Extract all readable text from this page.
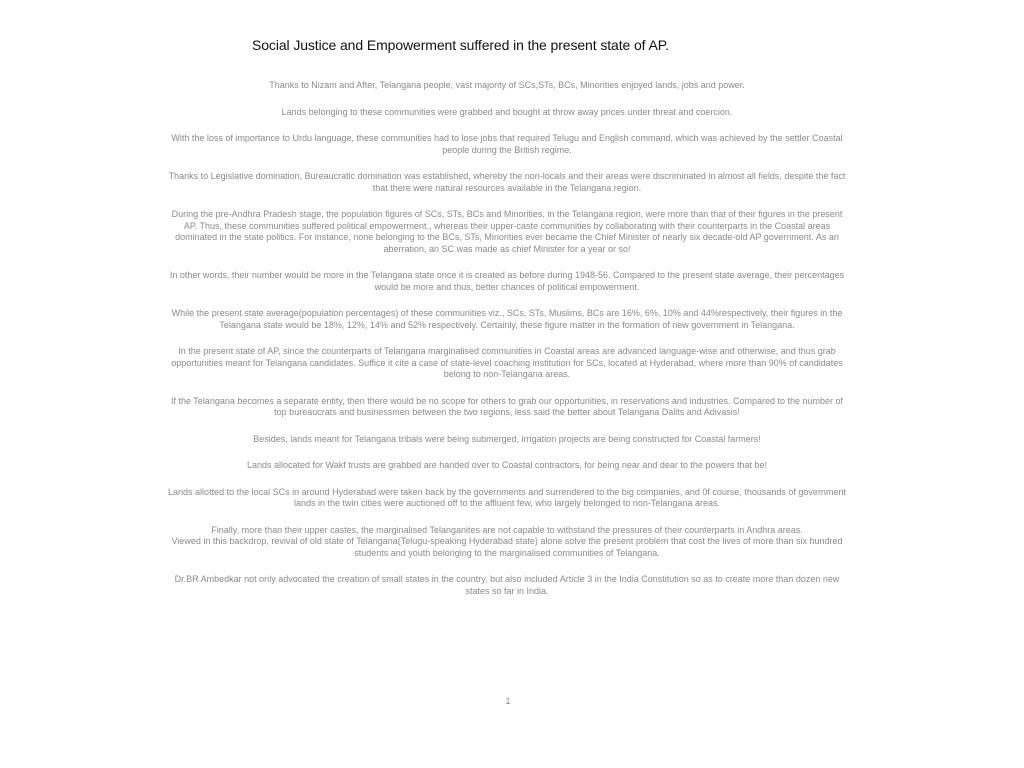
Social Justice and Empowerment suffered in the present state of AP.

Thanks to Nizam and After, Telangana people, vast majority of SCs,STs, BCs, Minorities enjoyed lands, jobs and power.

Lands belonging to these communities were grabbed and bought at throw away prices under threat and coercion.

With the loss of importance to Urdu language, these communities had to lose jobs that required Telugu and English command, which was achieved by the settler Coastal people during the British regime.

Thanks to Legislative domination, Bureaucratic domination was established, whereby the non-locals and their areas were discriminated in almost all fields, despite the fact that there were natural resources available in the Telangana region.

During the pre-Andhra Pradesh stage, the population figures of SCs, STs, BCs and Minorities, in the Telangana region, were more than that of their figures in the present AP. Thus, these communities suffered political empowerment., whereas their upper-caste communities by collaborating with their counterparts in the Coastal areas dominated in the state politics. For instance, none belonging to the BCs, STs, Minorities ever became the Chief Minister of nearly six decade-old AP government. As an aberration, an SC was made as chief Minister for a year or so!

In other words, their number would be more in the Telangana state once it is created as before during 1948-56. Compared to the present state average, their percentages would be more and thus, better chances of political empowerment.

While the present state average(population percentages) of these communities viz., SCs, STs, Muslims, BCs are 16%, 6%, 10% and 44%respectively, their figures in the Telangana state would be 18%, 12%, 14% and 52% respectively. Certainly, these figure matter in the formation of new government in Telangana.

In the present state of AP, since the counterparts of Telangana marginalised communities in Coastal areas are advanced language-wise and otherwise, and thus grab opportunities meant for Telangana candidates. Suffice it cite a case of state-level coaching institution for SCs, located at Hyderabad, where more than 90% of candidates belong to non-Telangana areas.

If the Telangana becomes a separate entity, then there would be no scope for others to grab our opportunities, in reservations and industries. Compared to the number of top bureaucrats and businessmen between the two regions, less said the better about Telangana Dalits and Adivasis!

Besides, lands meant for Telangana tribals were being submerged, irrigation projects are being constructed for Coastal farmers!

Lands allocated for Wakf trusts are grabbed are handed over to Coastal contractors, for being near and dear to the powers that be!

Lands allotted to the local SCs in around Hyderabad were taken back by the governments and surrendered to the big companies, and 0f course, thousands of government lands in the twin cities were auctioned off to the affluent few, who largely belonged to non-Telangana areas.

Finally, more than their upper castes, the marginalised Telanganites are not capable to withstand the pressures of their counterparts in Andhra areas.

Viewed in this backdrop, revival of old state of Telangana(Telugu-speaking Hyderabad state) alone solve the present problem that cost the lives of more than six hundred students and youth belonging to the marginalised communities of Telangana.

Dr.BR Ambedkar not only advocated the creation of small states in the country, but also included Article 3 in the India Constitution so as to create more than dozen new states so far in India.

1
